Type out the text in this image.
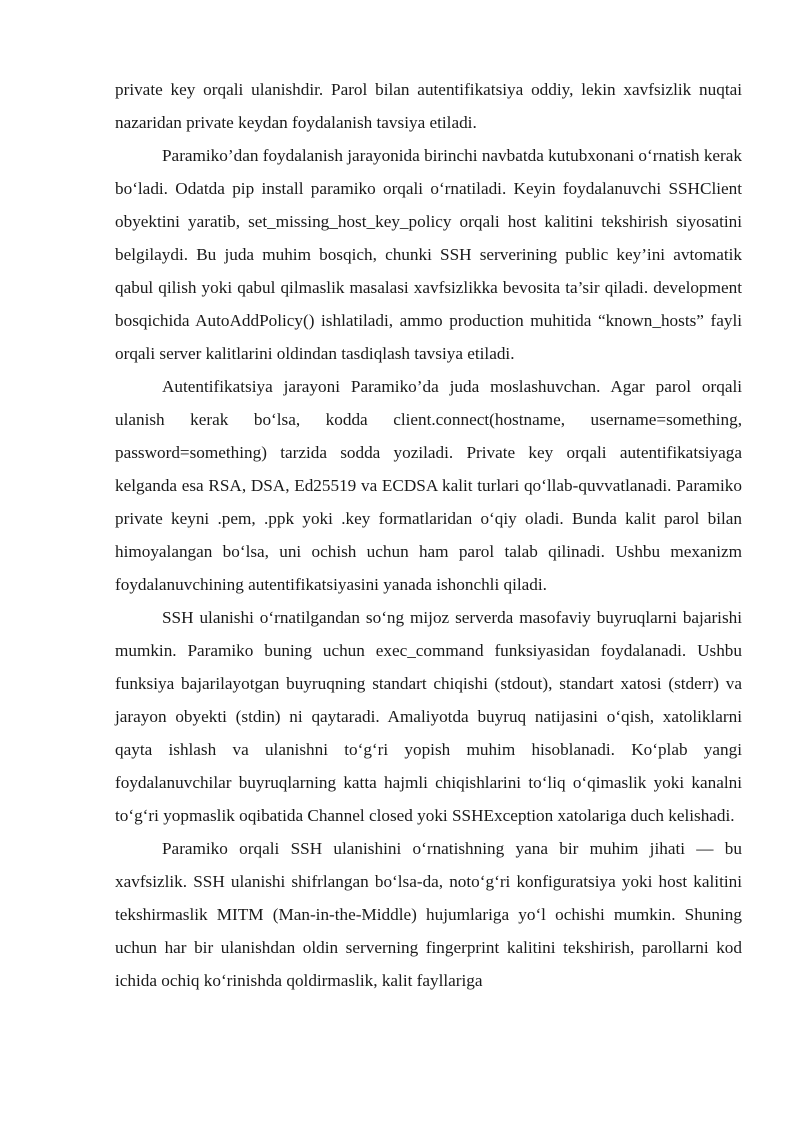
private key orqali ulanishdir. Parol bilan autentifikatsiya oddiy, lekin xavfsizlik nuqtai nazaridan private keydan foydalanish tavsiya etiladi.

Paramiko’dan foydalanish jarayonida birinchi navbatda kutubxonani o‘rnatish kerak bo‘ladi. Odatda pip install paramiko orqali o‘rnatiladi. Keyin foydalanuvchi SSHClient obyektini yaratib, set_missing_host_key_policy orqali host kalitini tekshirish siyosatini belgilaydi. Bu juda muhim bosqich, chunki SSH serverining public key’ini avtomatik qabul qilish yoki qabul qilmaslik masalasi xavfsizlikka bevosita ta’sir qiladi. development bosqichida AutoAddPolicy() ishlatiladi, ammo production muhitida “known_hosts” fayli orqali server kalitlarini oldindan tasdiqlash tavsiya etiladi.

Autentifikatsiya jarayoni Paramiko’da juda moslashuvchan. Agar parol orqali ulanish kerak bo‘lsa, kodda client.connect(hostname, username=something, password=something) tarzida sodda yoziladi. Private key orqali autentifikatsiyaga kelganda esa RSA, DSA, Ed25519 va ECDSA kalit turlari qo‘llab-quvvatlanadi. Paramiko private keyni .pem, .ppk yoki .key formatlaridan o‘qiy oladi. Bunda kalit parol bilan himoyalangan bo‘lsa, uni ochish uchun ham parol talab qilinadi. Ushbu mexanizm foydalanuvchining autentifikatsiyasini yanada ishonchli qiladi.

SSH ulanishi o‘rnatilgandan so‘ng mijoz serverda masofaviy buyruqlarni bajarishi mumkin. Paramiko buning uchun exec_command funksiyasidan foydalanadi. Ushbu funksiya bajarilayotgan buyruqning standart chiqishi (stdout), standart xatosi (stderr) va jarayon obyekti (stdin) ni qaytaradi. Amaliyotda buyruq natijasini o‘qish, xatoliklarni qayta ishlash va ulanishni to‘g‘ri yopish muhim hisoblanadi. Ko‘plab yangi foydalanuvchilar buyruqlarning katta hajmli chiqishlarini to‘liq o‘qimaslik yoki kanalni to‘g‘ri yopmaslik oqibatida Channel closed yoki SSHException xatolariga duch kelishadi.

Paramiko orqali SSH ulanishini o‘rnatishning yana bir muhim jihati — bu xavfsizlik. SSH ulanishi shifrlangan bo‘lsa-da, noto‘g‘ri konfiguratsiya yoki host kalitini tekshirmaslik MITM (Man-in-the-Middle) hujumlariga yo‘l ochishi mumkin. Shuning uchun har bir ulanishdan oldin serverning fingerprint kalitini tekshirish, parollarni kod ichida ochiq ko‘rinishda qoldirmaslik, kalit fayllariga
